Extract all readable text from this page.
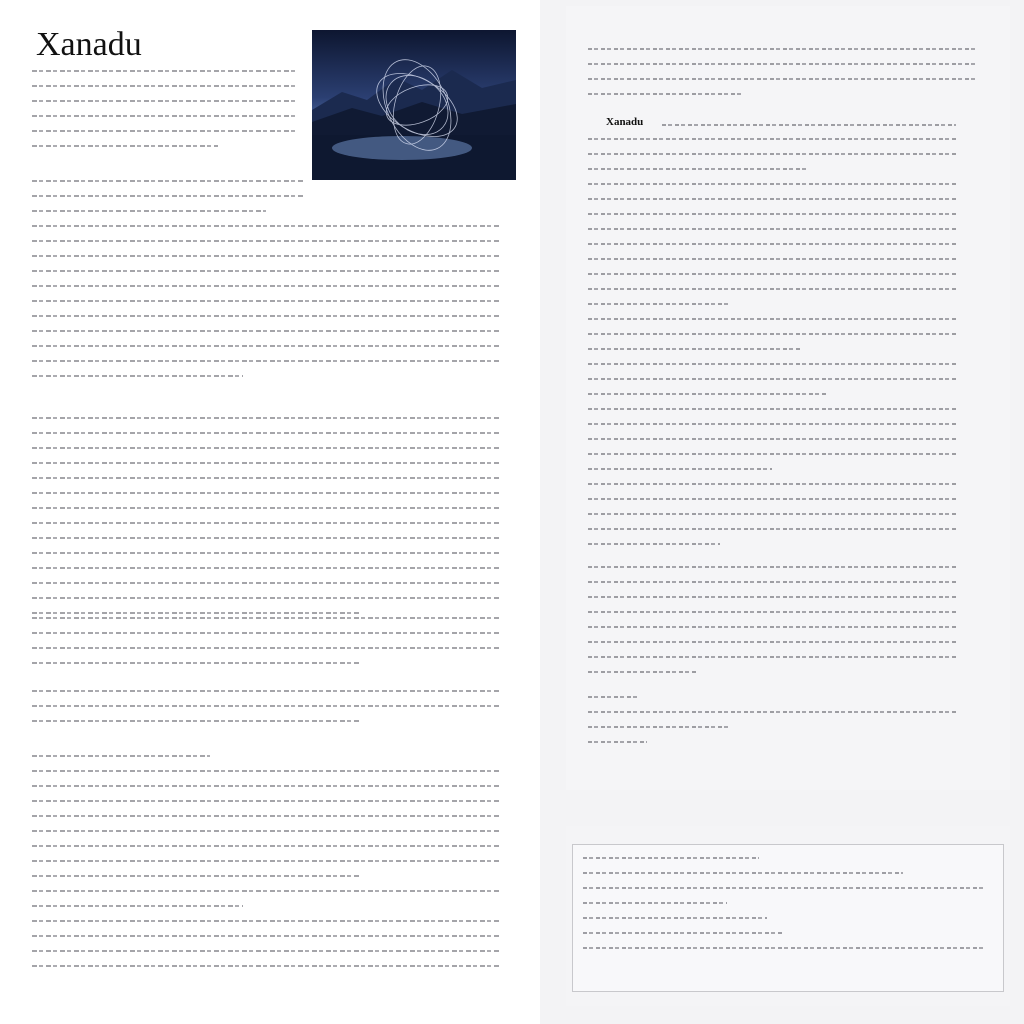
Xanadu
Xanadu
